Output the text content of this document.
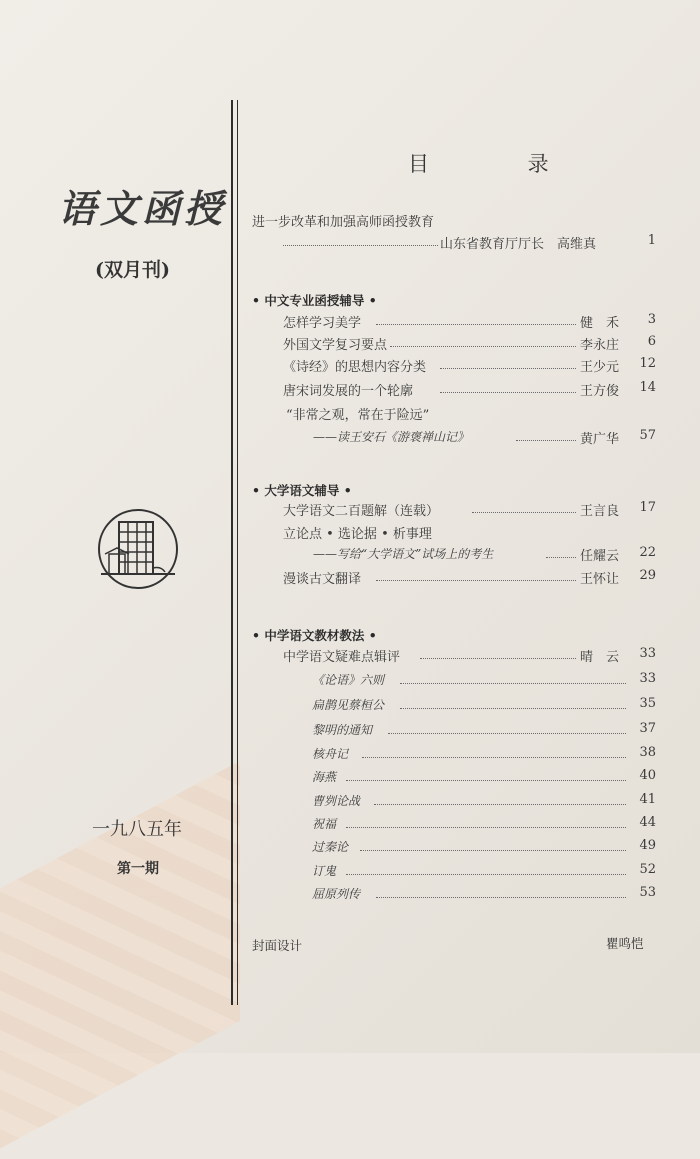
语文函授
(双月刊)
一九八五年
第一期
目 录
进一步改革和加强高师函授教育
山东省教育厅厅长　高维真	1
• 中文专业函授辅导 •
怎样学习美学	健　禾 3
外国文学复习要点	李永庄 6
《诗经》的思想内容分类	王少元 12
唐宋词发展的一个轮廓	王方俊 14
“非常之观，常在于险远”
——读王安石《游褒禅山记》	黄广华 57
• 大学语文辅导 •
大学语文二百题解（连载）	王言良 17
立论点 • 选论据 • 析事理
——写给“大学语文”试场上的考生	任耀云 22
漫谈古文翻译	王怀让 29
• 中学语文教材教法 •
中学语文疑难点辑评	晴　云 33
《论语》六则	33
扁鹊见蔡桓公	35
黎明的通知	37
核舟记	38
海燕	40
曹刿论战	41
祝福	44
过秦论	49
订鬼	52
屈原列传	53
封面设计	瞿鸣恺
